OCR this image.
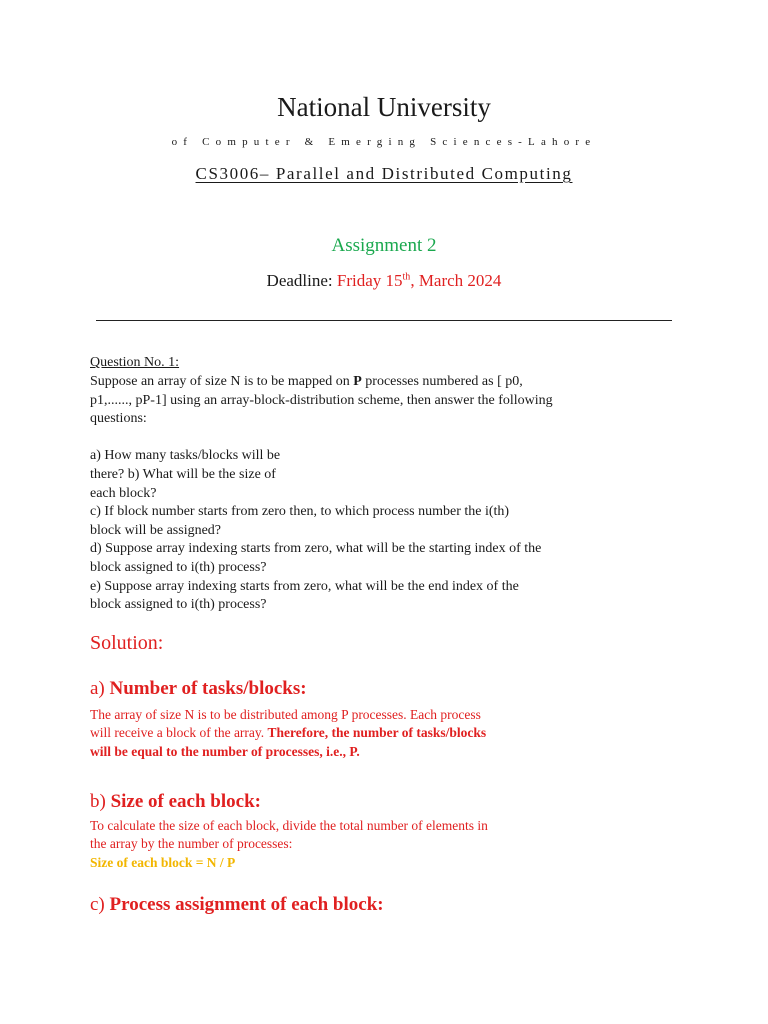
National University
of Computer & Emerging Sciences-Lahore
CS3006– Parallel and Distributed Computing
Assignment 2
Deadline: Friday 15th, March 2024
Question No. 1:
Suppose an array of size N is to be mapped on P processes numbered as [ p0,
p1,......, pP-1] using an array-block-distribution scheme, then answer the following
questions:
a) How many tasks/blocks will be
there? b) What will be the size of
each block?
c) If block number starts from zero then, to which process number the i(th)
block will be assigned?
d) Suppose array indexing starts from zero, what will be the starting index of the
block assigned to i(th) process?
e) Suppose array indexing starts from zero, what will be the end index of the
block assigned to i(th) process?
Solution:
a) Number of tasks/blocks:
The array of size N is to be distributed among P processes. Each process
will receive a block of the array. Therefore, the number of tasks/blocks
will be equal to the number of processes, i.e., P.
b) Size of each block:
To calculate the size of each block, divide the total number of elements in
the array by the number of processes:
Size of each block = N / P
c) Process assignment of each block:
